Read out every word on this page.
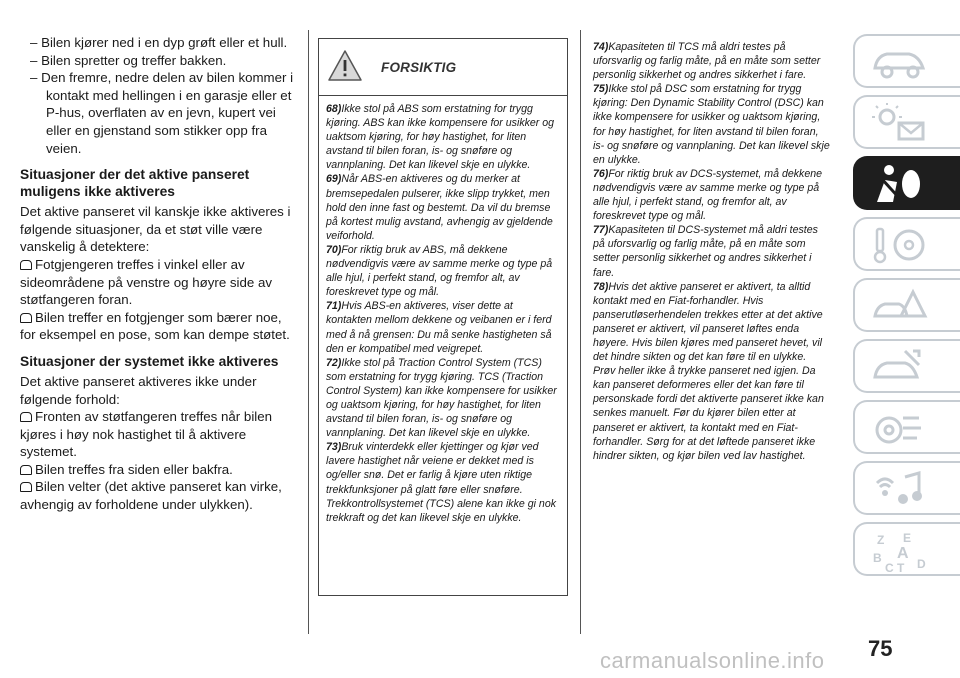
– Bilen kjører ned i en dyp grøft eller et hull.

– Bilen spretter og treffer bakken.

– Den fremre, nedre delen av bilen kommer i kontakt med hellingen i en garasje eller et P-hus, overflaten av en jevn, kupert vei eller en gjenstand som stikker opp fra veien.

Situasjoner der det aktive panseret muligens ikke aktiveres

Det aktive panseret vil kanskje ikke aktiveres i følgende situasjoner, da et støt ville være vanskelig å detektere:

Fotgjengeren treffes i vinkel eller av sideområdene på venstre og høyre side av støtfangeren foran.

Bilen treffer en fotgjenger som bærer noe, for eksempel en pose, som kan dempe støtet.

Situasjoner der systemet ikke aktiveres

Det aktive panseret aktiveres ikke under følgende forhold:

Fronten av støtfangeren treffes når bilen kjøres i høy nok hastighet til å aktivere systemet.

Bilen treffes fra siden eller bakfra.

Bilen velter (det aktive panseret kan virke, avhengig av forholdene under ulykken).

FORSIKTIG

68)Ikke stol på ABS som erstatning for trygg kjøring. ABS kan ikke kompensere for usikker og uaktsom kjøring, for høy hastighet, for liten avstand til bilen foran, is- og snøføre og vannplaning. Det kan likevel skje en ulykke.

69)Når ABS-en aktiveres og du merker at bremsepedalen pulserer, ikke slipp trykket, men hold den inne fast og bestemt. Da vil du bremse på kortest mulig avstand, avhengig av gjeldende veiforhold.

70)For riktig bruk av ABS, må dekkene nødvendigvis være av samme merke og type på alle hjul, i perfekt stand, og fremfor alt, av foreskrevet type og mål.

71)Hvis ABS-en aktiveres, viser dette at kontakten mellom dekkene og veibanen er i ferd med å nå grensen: Du må senke hastigheten så den er kompatibel med veigrepet.

72)Ikke stol på Traction Control System (TCS) som erstatning for trygg kjøring. TCS (Traction Control System) kan ikke kompensere for usikker og uaktsom kjøring, for høy hastighet, for liten avstand til bilen foran, is- og snøføre og vannplaning. Det kan likevel skje en ulykke.

73)Bruk vinterdekk eller kjettinger og kjør ved lavere hastighet når veiene er dekket med is og/eller snø. Det er farlig å kjøre uten riktige trekkfunksjoner på glatt føre eller snøføre. Trekkontrollsystemet (TCS) alene kan ikke gi nok trekkraft og det kan likevel skje en ulykke.

74)Kapasiteten til TCS må aldri testes på uforsvarlig og farlig måte, på en måte som setter personlig sikkerhet og andres sikkerhet i fare.

75)Ikke stol på DSC som erstatning for trygg kjøring: Den Dynamic Stability Control (DSC) kan ikke kompensere for usikker og uaktsom kjøring, for høy hastighet, for liten avstand til bilen foran, is- og snøføre og vannplaning. Det kan likevel skje en ulykke.

76)For riktig bruk av DCS-systemet, må dekkene nødvendigvis være av samme merke og type på alle hjul, i perfekt stand, og fremfor alt, av foreskrevet type og mål.

77)Kapasiteten til DCS-systemet må aldri testes på uforsvarlig og farlig måte, på en måte som setter personlig sikkerhet og andres sikkerhet i fare.

78)Hvis det aktive panseret er aktivert, ta alltid kontakt med en Fiat-forhandler. Hvis panserutløserhendelen trekkes etter at det aktive panseret er aktivert, vil panseret løftes enda høyere. Hvis bilen kjøres med panseret hevet, vil det hindre sikten og det kan føre til en ulykke. Prøv heller ikke å trykke panseret ned igjen. Da kan panseret deformeres eller det kan føre til personskade fordi det aktiverte panseret ikke kan senkes manuelt. Før du kjører bilen etter at panseret er aktivert, ta kontakt med en Fiat-forhandler. Sørg for at det løftede panseret ikke hindrer sikten, og kjør bilen ved lav hastighet.

Z E
A
B
C T D
75
carmanualsonline.info
